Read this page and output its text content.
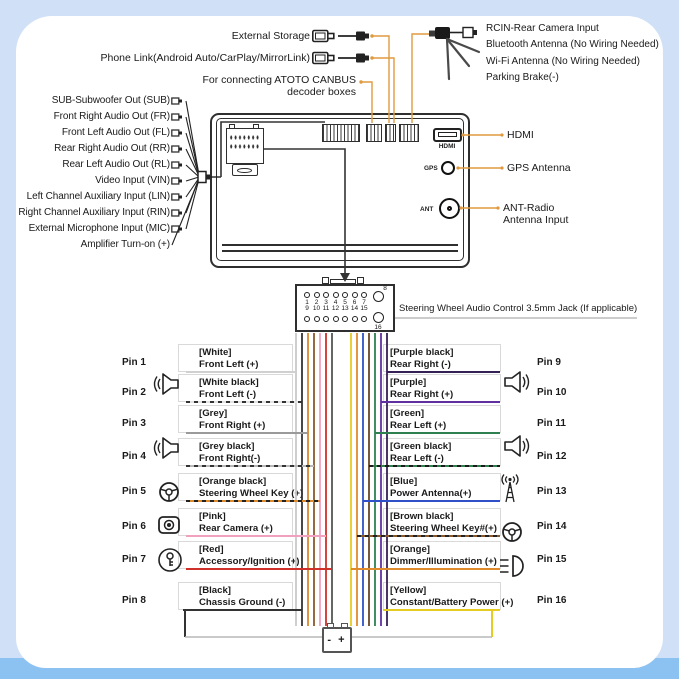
External Storage
Phone Link(Android Auto/CarPlay/MirrorLink)
For connecting ATOTO CANBUS
decoder boxes
RCIN-Rear Camera Input
Bluetooth Antenna (No Wiring Needed)
Wi-Fi Antenna (No Wiring Needed)
Parking Brake(-)
SUB-Subwoofer Out (SUB)
Front Right Audio Out (FR)
Front Left Audio Out (FL)
Rear Right Audio Out (RR)
Rear Left Audio Out (RL)
Video Input (VIN)
Left Channel Auxiliary Input (LIN)
Right Channel Auxiliary Input (RIN)
External Microphone Input (MIC)
Amplifier Turn-on (+)
HDMI
GPS
ANT
HDMI
GPS Antenna
ANT-Radio
Antenna Input
1 2 3 4 5 6 7
8
9 10 11 12 13 14 15
16
Steering Wheel Audio Control 3.5mm Jack (If applicable)
Pin 1
[White]
Front Left (+)
Pin 2
[White black]
Front Left (-)
Pin 3
[Grey]
Front Right (+)
Pin 4
[Grey black]
Front Right(-)
Pin 5
[Orange black]
Steering Wheel Key (+)
Pin 6
[Pink]
Rear Camera (+)
Pin 7
[Red]
Accessory/Ignition (+)
Pin 8
[Black]
Chassis Ground (-)
Pin 9
[Purple black]
Rear Right (-)
Pin 10
[Purple]
Rear Right (+)
Pin 11
[Green]
Rear Left (+)
Pin 12
[Green black]
Rear Left (-)
Pin 13
[Blue]
Power Antenna(+)
Pin 14
[Brown black]
Steering Wheel Key#(+)
Pin 15
[Orange]
Dimmer/Illumination (+)
Pin 16
[Yellow]
Constant/Battery Power (+)
- +
